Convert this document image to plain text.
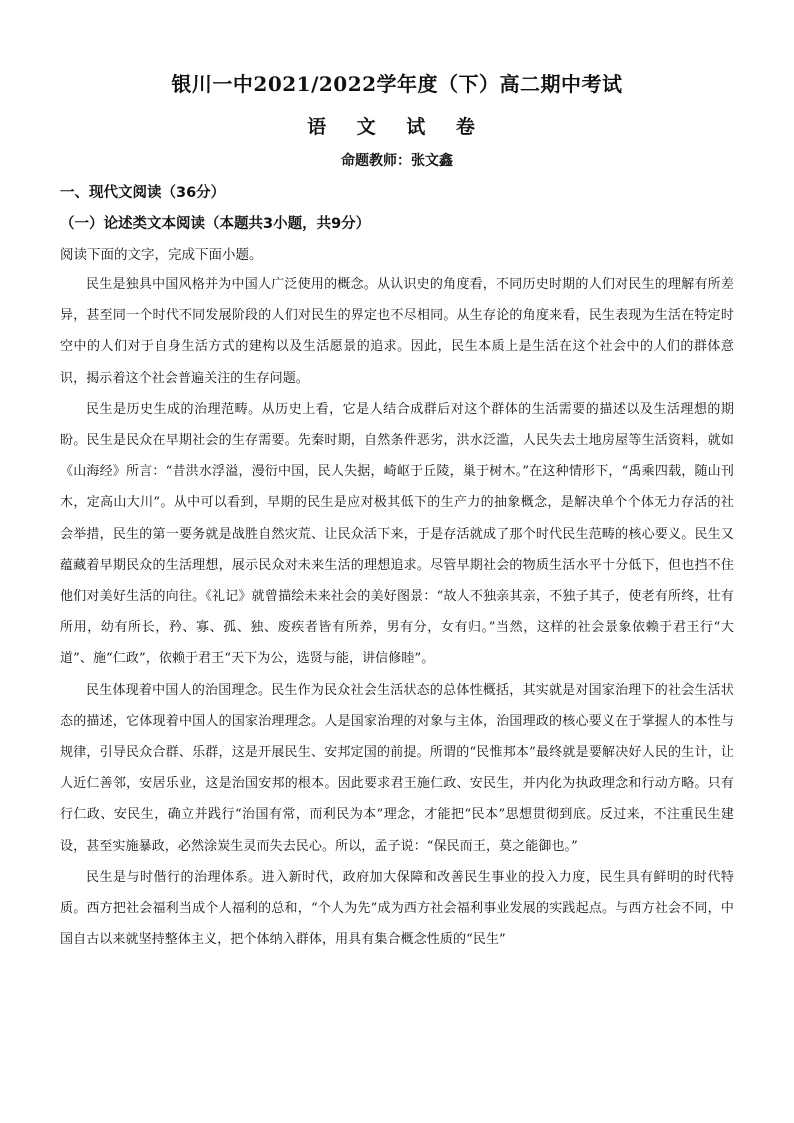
银川一中2021/2022学年度（下）高二期中考试
语 文 试 卷
命题教师：张文鑫
一、现代文阅读（36分）
（一）论述类文本阅读（本题共3小题，共9分）
阅读下面的文字，完成下面小题。

民生是独具中国风格并为中国人广泛使用的概念。从认识史的角度看，不同历史时期的人们对民生的理解有所差异，甚至同一个时代不同发展阶段的人们对民生的界定也不尽相同。从生存论的角度来看，民生表现为生活在特定时空中的人们对于自身生活方式的建构以及生活愿景的追求。因此，民生本质上是生活在这个社会中的人们的群体意识，揭示着这个社会普遍关注的生存问题。

民生是历史生成的治理范畴。从历史上看，它是人结合成群后对这个群体的生活需要的描述以及生活理想的期盼。民生是民众在早期社会的生存需要。先秦时期，自然条件恶劣，洪水泛滥，人民失去土地房屋等生活资料，就如《山海经》所言：“昔洪水浮溢，漫衍中国，民人失据，崎岖于丘陵，巢于树木。”在这种情形下，“禹乘四载，随山刊木，定高山大川”。从中可以看到，早期的民生是应对极其低下的生产力的抽象概念，是解决单个个体无力存活的社会举措，民生的第一要务就是战胜自然灾荒、让民众活下来，于是存活就成了那个时代民生范畴的核心要义。民生又蕴藏着早期民众的生活理想，展示民众对未来生活的理想追求。尽管早期社会的物质生活水平十分低下，但也挡不住他们对美好生活的向往。《礼记》就曾描绘未来社会的美好图景：“故人不独亲其亲，不独子其子，使老有所终，壮有所用，幼有所长，矜、寡、孤、独、废疾者皆有所养，男有分，女有归。”当然，这样的社会景象依赖于君王行“大道”、施“仁政”，依赖于君王“天下为公，选贤与能，讲信修睦”。

民生体现着中国人的治国理念。民生作为民众社会生活状态的总体性概括，其实就是对国家治理下的社会生活状态的描述，它体现着中国人的国家治理理念。人是国家治理的对象与主体，治国理政的核心要义在于掌握人的本性与规律，引导民众合群、乐群，这是开展民生、安邦定国的前提。所谓的“民惟邦本”最终就是要解决好人民的生计，让人近仁善邻，安居乐业，这是治国安邦的根本。因此要求君王施仁政、安民生，并内化为执政理念和行动方略。只有行仁政、安民生，确立并践行“治国有常，而利民为本”理念，才能把“民本”思想贯彻到底。反过来，不注重民生建设，甚至实施暴政，必然涂炭生灵而失去民心。所以，孟子说：“保民而王，莫之能御也。”

民生是与时偕行的治理体系。进入新时代，政府加大保障和改善民生事业的投入力度，民生具有鲜明的时代特质。西方把社会福利当成个人福利的总和，“个人为先”成为西方社会福利事业发展的实践起点。与西方社会不同，中国自古以来就坚持整体主义，把个体纳入群体，用具有集合概念性质的“民生”
